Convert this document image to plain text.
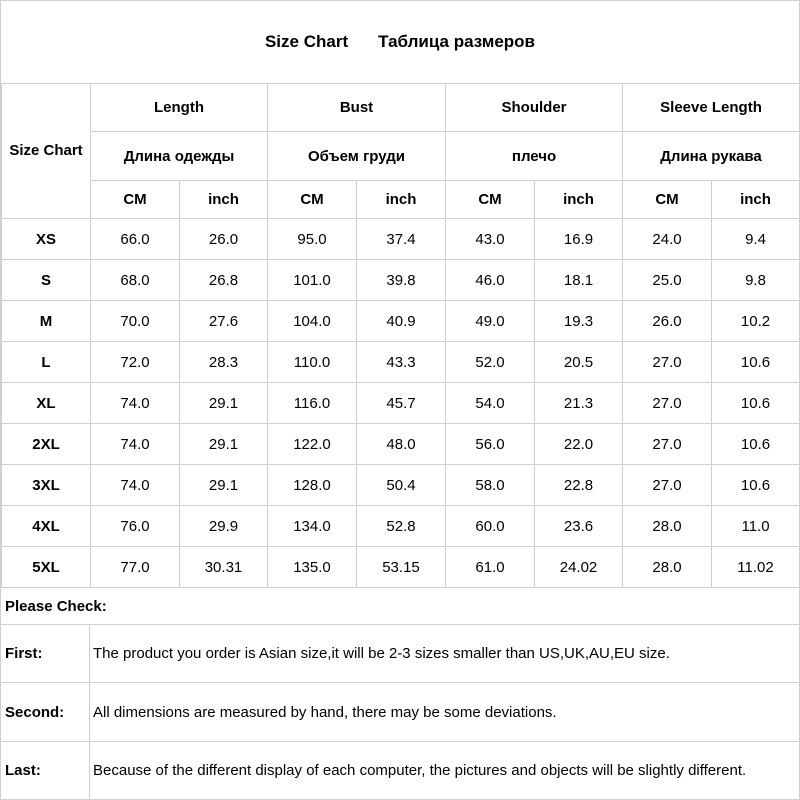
Size Chart Таблица размеров
Size Chart	Length		Bust		Shoulder		Sleeve Length	
	Длина одежды		Объем груди		плечо		Длина рукава	
	CM	inch	CM	inch	CM	inch	CM	inch
XS	66.0	26.0	95.0	37.4	43.0	16.9	24.0	9.4
S	68.0	26.8	101.0	39.8	46.0	18.1	25.0	9.8
M	70.0	27.6	104.0	40.9	49.0	19.3	26.0	10.2
L	72.0	28.3	110.0	43.3	52.0	20.5	27.0	10.6
XL	74.0	29.1	116.0	45.7	54.0	21.3	27.0	10.6
2XL	74.0	29.1	122.0	48.0	56.0	22.0	27.0	10.6
3XL	74.0	29.1	128.0	50.4	58.0	22.8	27.0	10.6
4XL	76.0	29.9	134.0	52.8	60.0	23.6	28.0	11.0
5XL	77.0	30.31	135.0	53.15	61.0	24.02	28.0	11.02
Please Check:
First:	The product you order is Asian size,it will be 2-3 sizes smaller than US,UK,AU,EU size.
Second:	All dimensions are measured by hand, there may be some deviations.
Last:	Because of the different display of each computer, the pictures and objects will be slightly different.
